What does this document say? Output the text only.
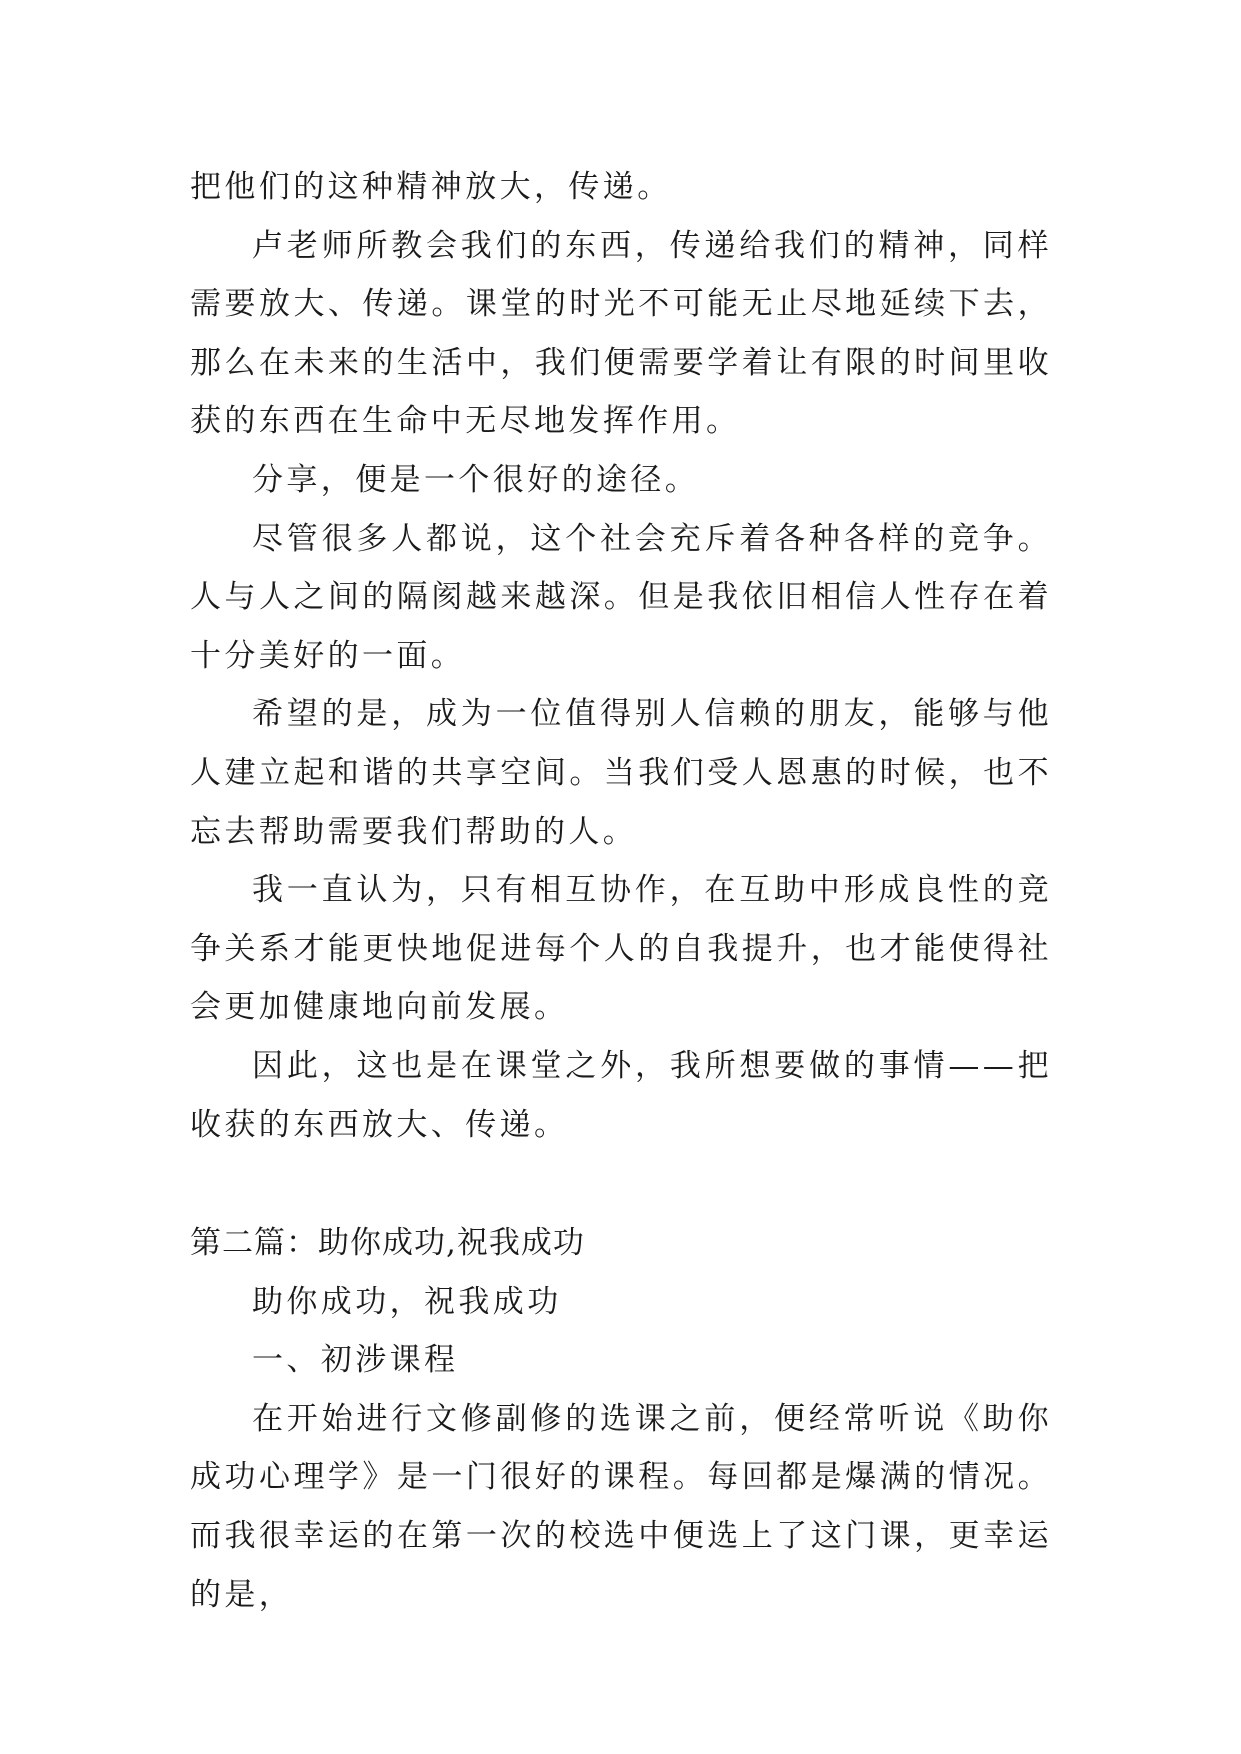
把他们的这种精神放大，传递。

卢老师所教会我们的东西，传递给我们的精神，同样需要放大、传递。课堂的时光不可能无止尽地延续下去，那么在未来的生活中，我们便需要学着让有限的时间里收获的东西在生命中无尽地发挥作用。

分享，便是一个很好的途径。

尽管很多人都说，这个社会充斥着各种各样的竞争。人与人之间的隔阂越来越深。但是我依旧相信人性存在着十分美好的一面。

希望的是，成为一位值得别人信赖的朋友，能够与他人建立起和谐的共享空间。当我们受人恩惠的时候，也不忘去帮助需要我们帮助的人。

我一直认为，只有相互协作，在互助中形成良性的竞争关系才能更快地促进每个人的自我提升，也才能使得社会更加健康地向前发展。

因此，这也是在课堂之外，我所想要做的事情——把收获的东西放大、传递。

第二篇：助你成功,祝我成功

助你成功，祝我成功

一、初涉课程

在开始进行文修副修的选课之前，便经常听说《助你成功心理学》是一门很好的课程。每回都是爆满的情况。而我很幸运的在第一次的校选中便选上了这门课，更幸运的是，
